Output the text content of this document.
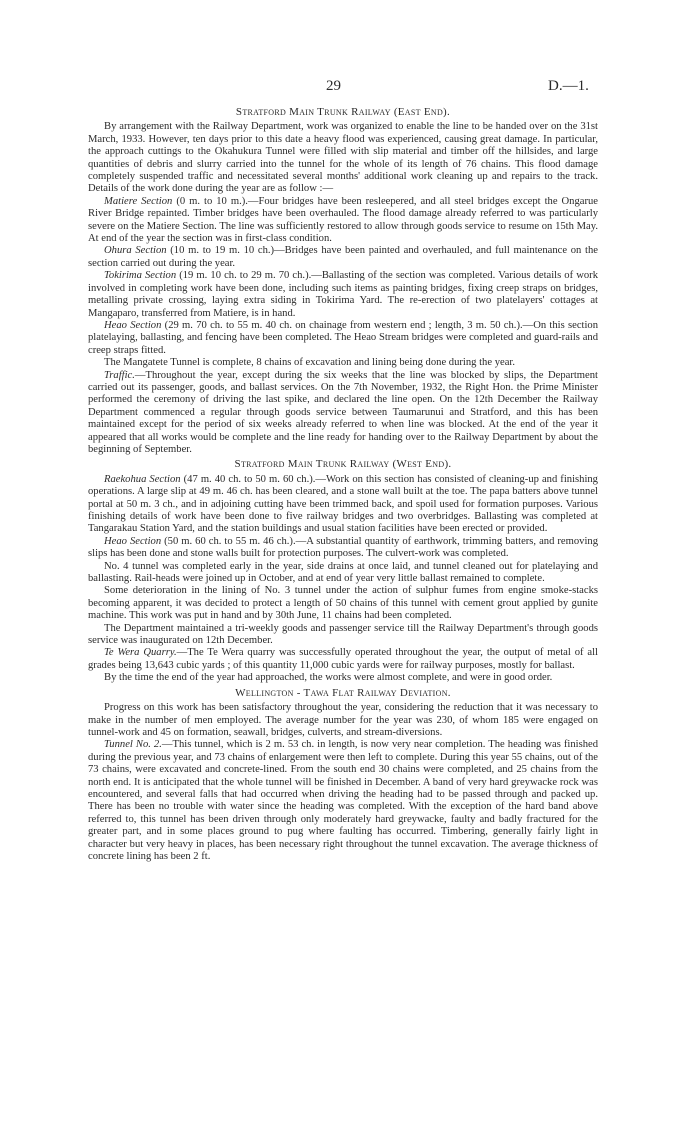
29	D.—1.
Stratford Main Trunk Railway (East End).

By arrangement with the Railway Department, work was organized to enable the line to be handed over on the 31st March, 1933. However, ten days prior to this date a heavy flood was experienced, causing great damage. In particular, the approach cuttings to the Okahukura Tunnel were filled with slip material and timber off the hillsides, and large quantities of debris and slurry carried into the tunnel for the whole of its length of 76 chains. This flood damage completely suspended traffic and necessitated several months' additional work cleaning up and repairs to the track. Details of the work done during the year are as follow :—

Matiere Section (0 m. to 10 m.).—Four bridges have been resleepered, and all steel bridges except the Ongarue River Bridge repainted. Timber bridges have been overhauled. The flood damage already referred to was particularly severe on the Matiere Section. The line was sufficiently restored to allow through goods service to resume on 15th May. At end of the year the section was in first-class condition.

Ohura Section (10 m. to 19 m. 10 ch.)—Bridges have been painted and overhauled, and full maintenance on the section carried out during the year.

Tokirima Section (19 m. 10 ch. to 29 m. 70 ch.).—Ballasting of the section was completed. Various details of work involved in completing work have been done, including such items as painting bridges, fixing creep straps on bridges, metalling private crossing, laying extra siding in Tokirima Yard. The re-erection of two platelayers' cottages at Mangaparo, transferred from Matiere, is in hand.

Heao Section (29 m. 70 ch. to 55 m. 40 ch. on chainage from western end ; length, 3 m. 50 ch.).—On this section platelaying, ballasting, and fencing have been completed. The Heao Stream bridges were completed and guard-rails and creep straps fitted.

The Mangatete Tunnel is complete, 8 chains of excavation and lining being done during the year.

Traffic.—Throughout the year, except during the six weeks that the line was blocked by slips, the Department carried out its passenger, goods, and ballast services. On the 7th November, 1932, the Right Hon. the Prime Minister performed the ceremony of driving the last spike, and declared the line open. On the 12th December the Railway Department commenced a regular through goods service between Taumarunui and Stratford, and this has been maintained except for the period of six weeks already referred to when line was blocked. At the end of the year it appeared that all works would be complete and the line ready for handing over to the Railway Department by about the beginning of September.

Stratford Main Trunk Railway (West End).

Raekohua Section (47 m. 40 ch. to 50 m. 60 ch.).—Work on this section has consisted of cleaning-up and finishing operations. A large slip at 49 m. 46 ch. has been cleared, and a stone wall built at the toe. The papa batters above tunnel portal at 50 m. 3 ch., and in adjoining cutting have been trimmed back, and spoil used for formation purposes. Various finishing details of work have been done to five railway bridges and two overbridges. Ballasting was completed at Tangarakau Station Yard, and the station buildings and usual station facilities have been erected or provided.

Heao Section (50 m. 60 ch. to 55 m. 46 ch.).—A substantial quantity of earthwork, trimming batters, and removing slips has been done and stone walls built for protection purposes. The culvert-work was completed.

No. 4 tunnel was completed early in the year, side drains at once laid, and tunnel cleaned out for platelaying and ballasting. Rail-heads were joined up in October, and at end of year very little ballast remained to complete.

Some deterioration in the lining of No. 3 tunnel under the action of sulphur fumes from engine smoke-stacks becoming apparent, it was decided to protect a length of 50 chains of this tunnel with cement grout applied by gunite machine. This work was put in hand and by 30th June, 11 chains had been completed.

The Department maintained a tri-weekly goods and passenger service till the Railway Department's through goods service was inaugurated on 12th December.

Te Wera Quarry.—The Te Wera quarry was successfully operated throughout the year, the output of metal of all grades being 13,643 cubic yards ; of this quantity 11,000 cubic yards were for railway purposes, mostly for ballast.

By the time the end of the year had approached, the works were almost complete, and were in good order.

Wellington - Tawa Flat Railway Deviation.

Progress on this work has been satisfactory throughout the year, considering the reduction that it was necessary to make in the number of men employed. The average number for the year was 230, of whom 185 were engaged on tunnel-work and 45 on formation, seawall, bridges, culverts, and stream-diversions.

Tunnel No. 2.—This tunnel, which is 2 m. 53 ch. in length, is now very near completion. The heading was finished during the previous year, and 73 chains of enlargement were then left to complete. During this year 55 chains, out of the 73 chains, were excavated and concrete-lined. From the south end 30 chains were completed, and 25 chains from the north end. It is anticipated that the whole tunnel will be finished in December. A band of very hard greywacke rock was encountered, and several falls that had occurred when driving the heading had to be passed through and packed up. There has been no trouble with water since the heading was completed. With the exception of the hard band above referred to, this tunnel has been driven through only moderately hard greywacke, faulty and badly fractured for the greater part, and in some places ground to pug where faulting has occurred. Timbering, generally fairly light in character but very heavy in places, has been necessary right throughout the tunnel excavation. The average thickness of concrete lining has been 2 ft.
